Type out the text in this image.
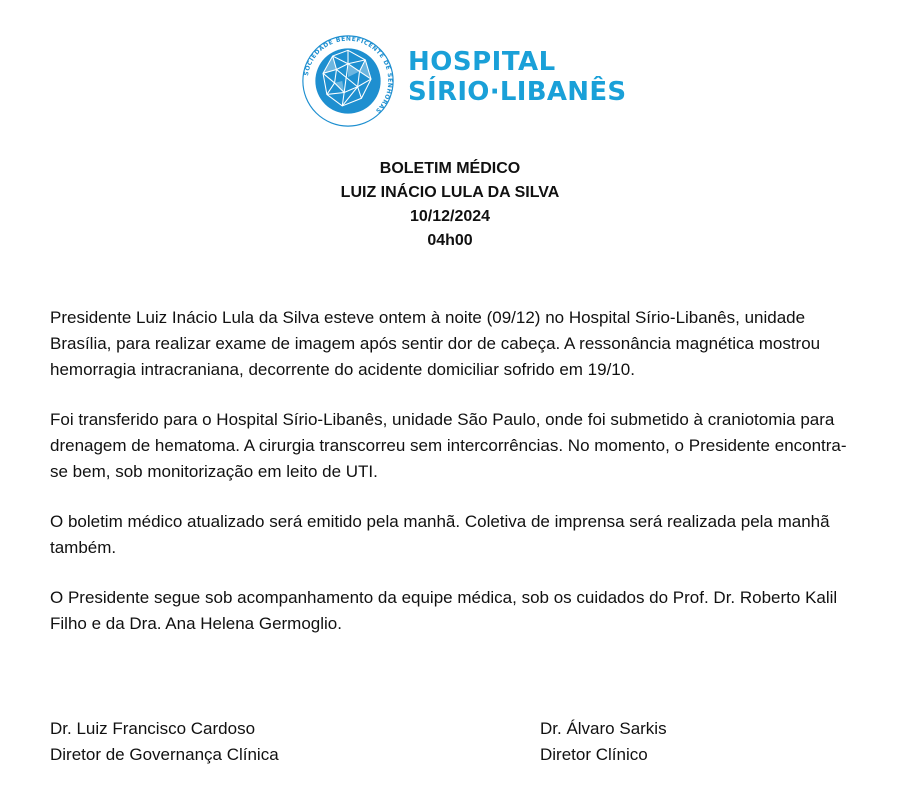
SOCIEDADE BENEFICENTE DE SENHORAS
HOSPITAL
SÍRIO·LIBANÊS
BOLETIM MÉDICO
LUIZ INÁCIO LULA DA SILVA
10/12/2024
04h00

Presidente Luiz Inácio Lula da Silva esteve ontem à noite (09/12) no Hospital Sírio-Libanês, unidade Brasília, para realizar exame de imagem após sentir dor de cabeça. A ressonância magnética mostrou hemorragia intracraniana, decorrente do acidente domiciliar sofrido em 19/10.

Foi transferido para o Hospital Sírio-Libanês, unidade São Paulo, onde foi submetido à craniotomia para drenagem de hematoma. A cirurgia transcorreu sem intercorrências. No momento, o Presidente encontra-se bem, sob monitorização em leito de UTI.

O boletim médico atualizado será emitido pela manhã. Coletiva de imprensa será realizada pela manhã também.

O Presidente segue sob acompanhamento da equipe médica, sob os cuidados do Prof. Dr. Roberto Kalil Filho e da Dra. Ana Helena Germoglio.

Dr. Luiz Francisco Cardoso
Diretor de Governança Clínica
Dr. Álvaro Sarkis
Diretor Clínico
